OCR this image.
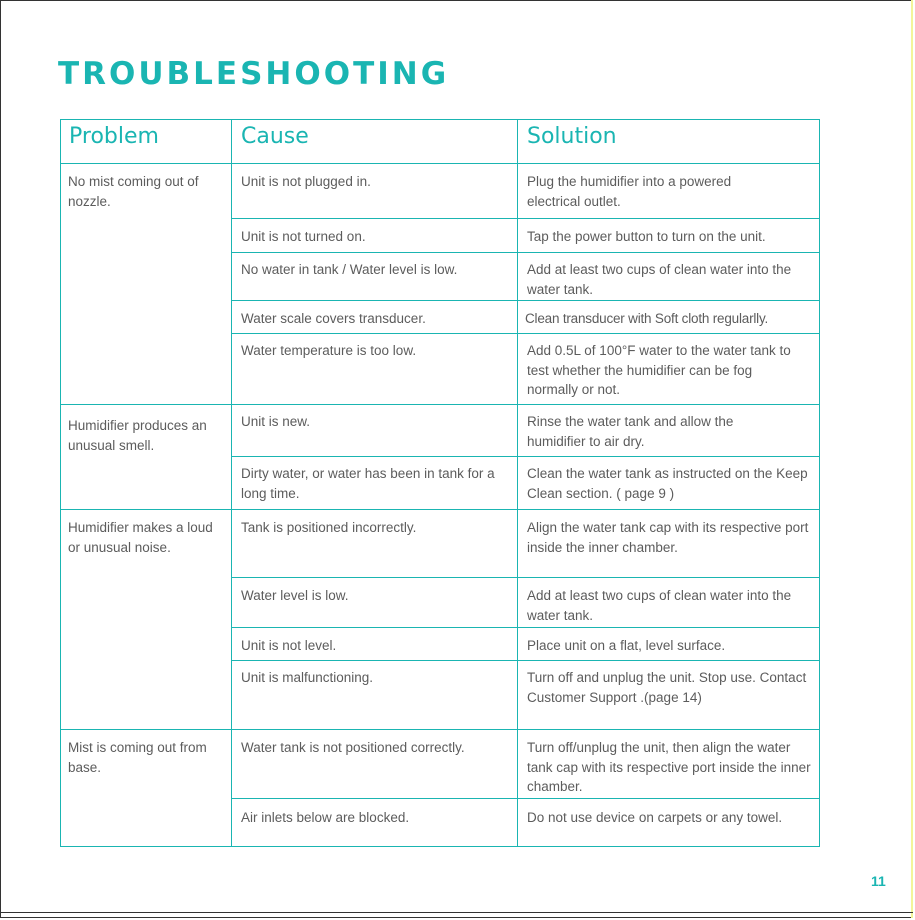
TROUBLESHOOTING
Problem	Cause	Solution
No mist coming out of nozzle.
Humidifier produces an unusual smell.
Humidifier makes a loud or unusual noise.
Mist is coming out from base.
Unit is not plugged in.
Unit is not turned on.
No water in tank / Water level is low.
Water scale covers transducer.
Water temperature is too low.
Unit is new.
Dirty water, or water has been in tank for a long time.
Tank is positioned incorrectly.
Water level is low.
Unit is not level.
Unit is malfunctioning.
Water tank is not positioned correctly.
Air inlets below are blocked.
Plug the humidifier into a powered electrical outlet.
Tap the power button to turn on the unit.
Add at least two cups of clean water into the water tank.
Clean transducer with Soft cloth regularlly.
Add 0.5L of 100°F water to the water tank to test whether the humidifier can be fog normally or not.
Rinse the water tank and allow the humidifier to air dry.
Clean the water tank as instructed on the Keep Clean section. ( page 9 )
Align the water tank cap with its respective port inside the inner chamber.
Add at least two cups of clean water into the water tank.
Place unit on a flat, level surface.
Turn off and unplug the unit. Stop use. Contact Customer Support .(page 14)
Turn off/unplug the unit, then align the water tank cap with its respective port inside the inner chamber.
Do not use device on carpets or any towel.
11
